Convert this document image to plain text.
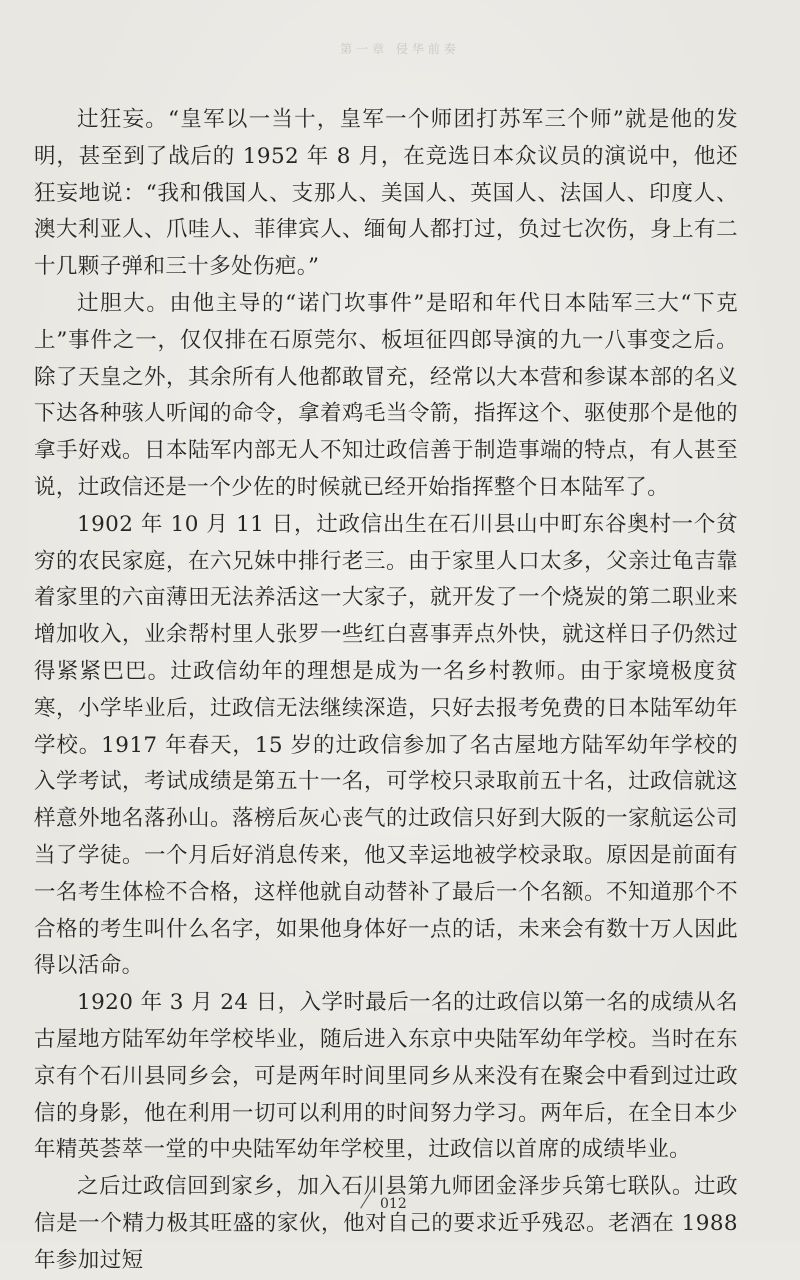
第一章 侵华前奏

辻狂妄。“皇军以一当十，皇军一个师团打苏军三个师”就是他的发明，甚至到了战后的 1952 年 8 月，在竞选日本众议员的演说中，他还狂妄地说：“我和俄国人、支那人、美国人、英国人、法国人、印度人、澳大利亚人、爪哇人、菲律宾人、缅甸人都打过，负过七次伤，身上有二十几颗子弹和三十多处伤疤。”

辻胆大。由他主导的“诺门坎事件”是昭和年代日本陆军三大“下克上”事件之一，仅仅排在石原莞尔、板垣征四郎导演的九一八事变之后。除了天皇之外，其余所有人他都敢冒充，经常以大本营和参谋本部的名义下达各种骇人听闻的命令，拿着鸡毛当令箭，指挥这个、驱使那个是他的拿手好戏。日本陆军内部无人不知辻政信善于制造事端的特点，有人甚至说，辻政信还是一个少佐的时候就已经开始指挥整个日本陆军了。

1902 年 10 月 11 日，辻政信出生在石川县山中町东谷奥村一个贫穷的农民家庭，在六兄妹中排行老三。由于家里人口太多，父亲辻龟吉靠着家里的六亩薄田无法养活这一大家子，就开发了一个烧炭的第二职业来增加收入，业余帮村里人张罗一些红白喜事弄点外快，就这样日子仍然过得紧紧巴巴。辻政信幼年的理想是成为一名乡村教师。由于家境极度贫寒，小学毕业后，辻政信无法继续深造，只好去报考免费的日本陆军幼年学校。1917 年春天，15 岁的辻政信参加了名古屋地方陆军幼年学校的入学考试，考试成绩是第五十一名，可学校只录取前五十名，辻政信就这样意外地名落孙山。落榜后灰心丧气的辻政信只好到大阪的一家航运公司当了学徒。一个月后好消息传来，他又幸运地被学校录取。原因是前面有一名考生体检不合格，这样他就自动替补了最后一个名额。不知道那个不合格的考生叫什么名字，如果他身体好一点的话，未来会有数十万人因此得以活命。

1920 年 3 月 24 日，入学时最后一名的辻政信以第一名的成绩从名古屋地方陆军幼年学校毕业，随后进入东京中央陆军幼年学校。当时在东京有个石川县同乡会，可是两年时间里同乡从来没有在聚会中看到过辻政信的身影，他在利用一切可以利用的时间努力学习。两年后，在全日本少年精英荟萃一堂的中央陆军幼年学校里，辻政信以首席的成绩毕业。

之后辻政信回到家乡，加入石川县第九师团金泽步兵第七联队。辻政信是一个精力极其旺盛的家伙，他对自己的要求近乎残忍。老酒在 1988 年参加过短

012
